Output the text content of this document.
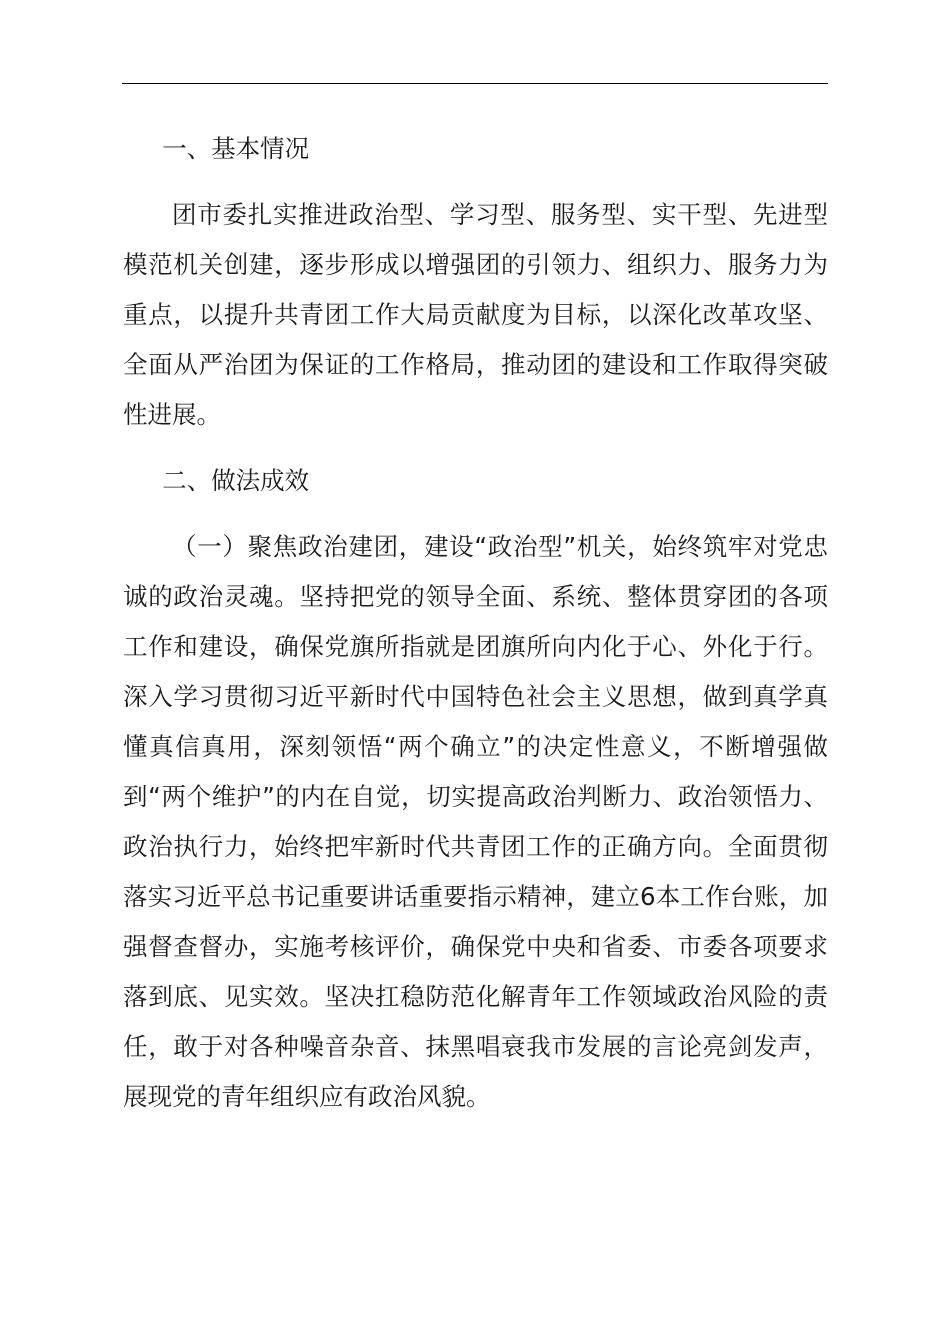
一、基本情况

团市委扎实推进政治型、学习型、服务型、实干型、先进型模范机关创建，逐步形成以增强团的引领力、组织力、服务力为重点，以提升共青团工作大局贡献度为目标，以深化改革攻坚、全面从严治团为保证的工作格局，推动团的建设和工作取得突破性进展。

二、做法成效

（一）聚焦政治建团，建设“政治型”机关，始终筑牢对党忠诚的政治灵魂。坚持把党的领导全面、系统、整体贯穿团的各项工作和建设，确保党旗所指就是团旗所向内化于心、外化于行。深入学习贯彻习近平新时代中国特色社会主义思想，做到真学真懂真信真用，深刻领悟“两个确立”的决定性意义，不断增强做到“两个维护”的内在自觉，切实提高政治判断力、政治领悟力、政治执行力，始终把牢新时代共青团工作的正确方向。全面贯彻落实习近平总书记重要讲话重要指示精神，建立6本工作台账，加强督查督办，实施考核评价，确保党中央和省委、市委各项要求落到底、见实效。坚决扛稳防范化解青年工作领域政治风险的责任，敢于对各种噪音杂音、抹黑唱衰我市发展的言论亮剑发声，展现党的青年组织应有政治风貌。
